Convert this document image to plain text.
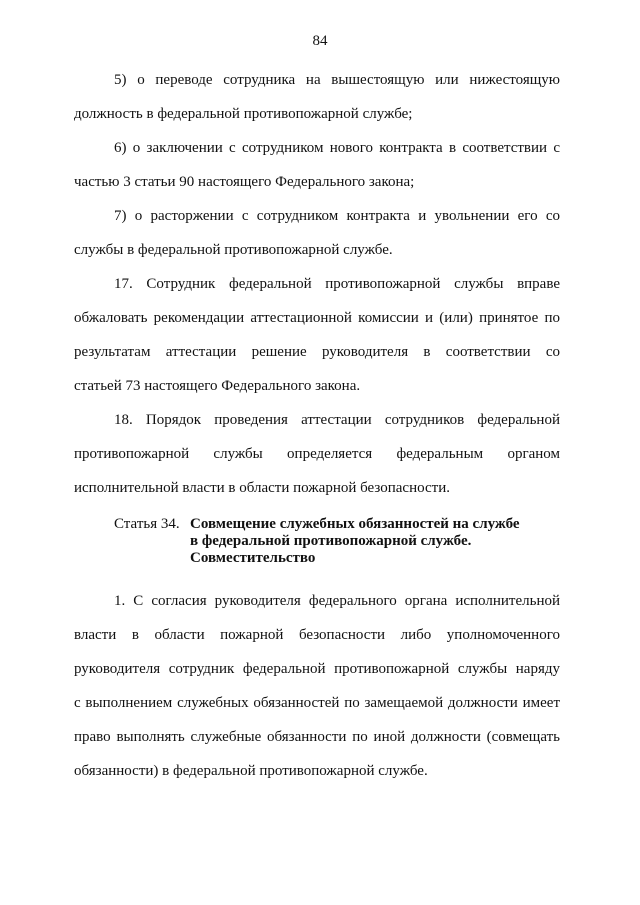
84

5) о переводе сотрудника на вышестоящую или нижестоящую
должность в федеральной противопожарной службе;

6) о заключении с сотрудником нового контракта в соответствии с
частью 3 статьи 90 настоящего Федерального закона;

7) о расторжении с сотрудником контракта и увольнении его со
службы в федеральной противопожарной службе.

17. Сотрудник федеральной противопожарной службы вправе
обжаловать рекомендации аттестационной комиссии и (или) принятое по
результатам аттестации решение руководителя в соответствии со
статьей 73 настоящего Федерального закона.

18. Порядок проведения аттестации сотрудников федеральной
противопожарной службы определяется федеральным органом
исполнительной власти в области пожарной безопасности.

Статья 34. Совмещение служебных обязанностей на службе
в федеральной противопожарной службе.
Совместительство

1. С согласия руководителя федерального органа исполнительной
власти в области пожарной безопасности либо уполномоченного
руководителя сотрудник федеральной противопожарной службы наряду
с выполнением служебных обязанностей по замещаемой должности имеет
право выполнять служебные обязанности по иной должности (совмещать
обязанности) в федеральной противопожарной службе.
